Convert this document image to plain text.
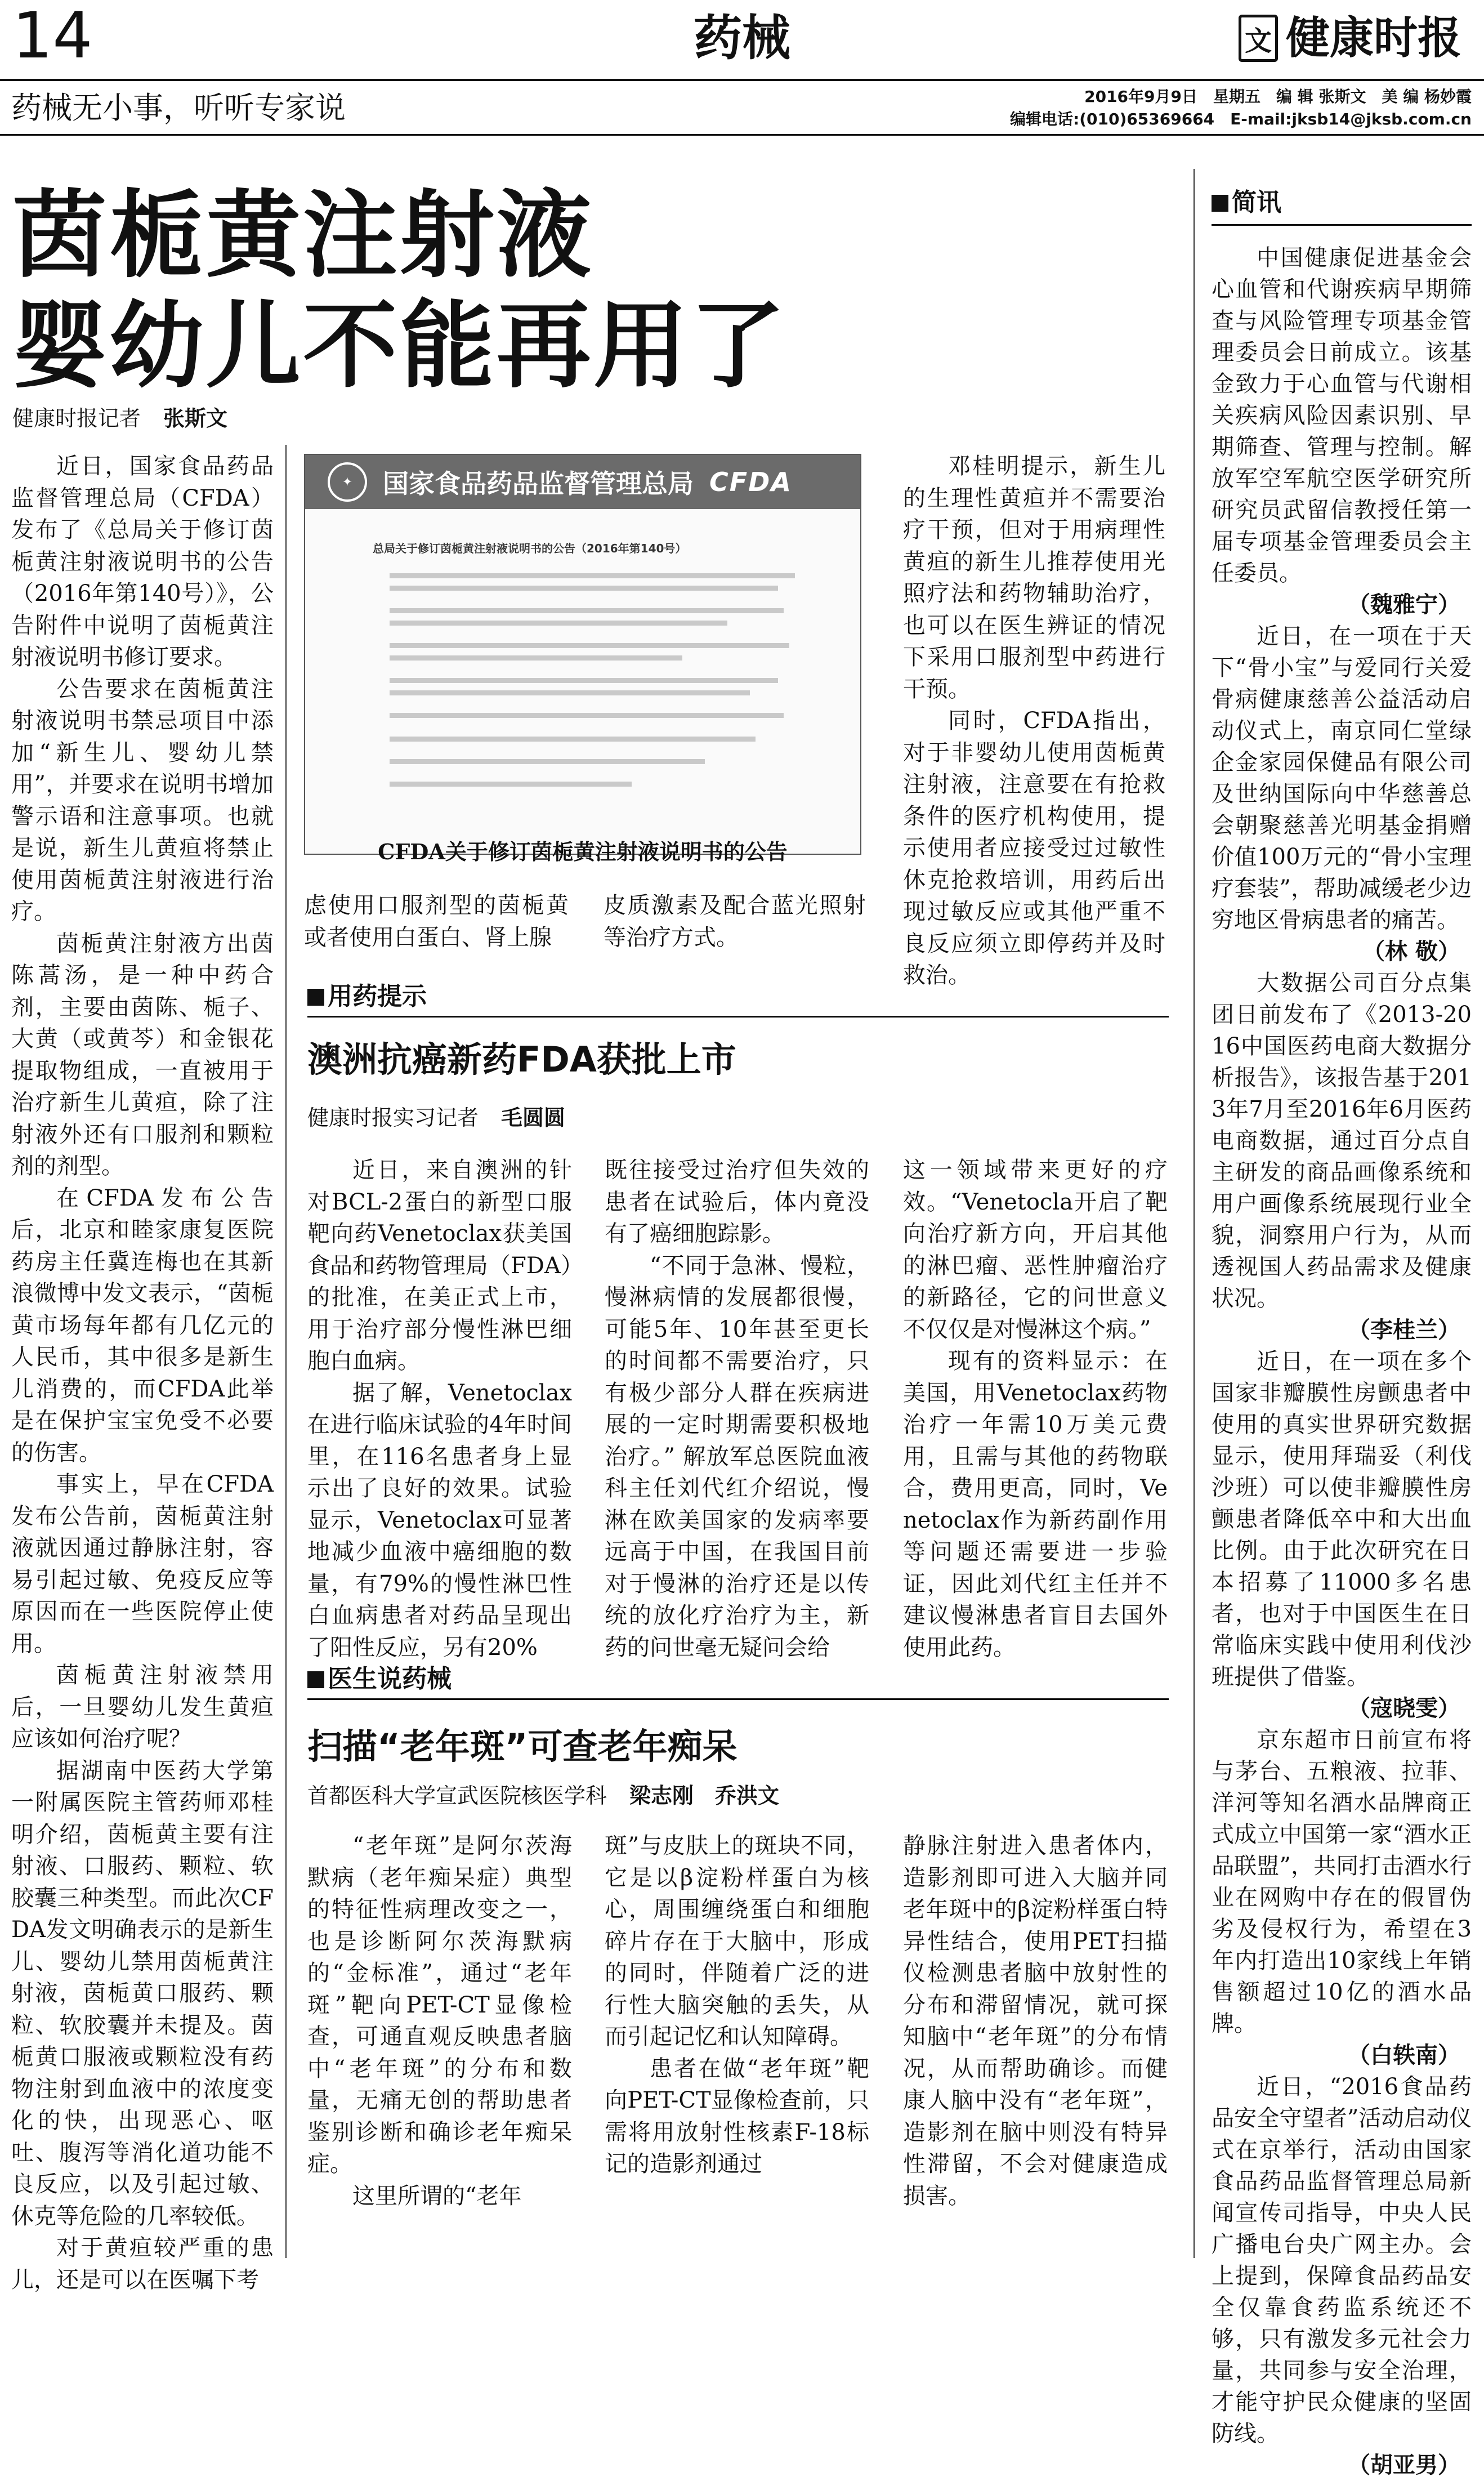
14	药械	文 健康时报
药械无小事，听听专家说	2016年9月9日　星期五　编 辑 张斯文　美 编 杨妙霞
编辑电话:(010)65369664　E-mail:jksb14@jksb.com.cn
茵栀黄注射液
婴幼儿不能再用了
健康时报记者 张斯文

近日，国家食品药品监督管理总局（CFDA）发布了《总局关于修订茵栀黄注射液说明书的公告（2016年第140号）》，公告附件中说明了茵栀黄注射液说明书修订要求。

公告要求在茵栀黄注射液说明书禁忌项目中添加“新生儿、婴幼儿禁用”，并要求在说明书增加警示语和注意事项。也就是说，新生儿黄疸将禁止使用茵栀黄注射液进行治疗。

茵栀黄注射液方出茵陈蒿汤，是一种中药合剂，主要由茵陈、栀子、大黄（或黄芩）和金银花提取物组成，一直被用于治疗新生儿黄疸，除了注射液外还有口服剂和颗粒剂的剂型。

在CFDA发布公告后，北京和睦家康复医院药房主任冀连梅也在其新浪微博中发文表示，“茵栀黄市场每年都有几亿元的人民币，其中很多是新生儿消费的，而CFDA此举是在保护宝宝免受不必要的伤害。

事实上，早在CFDA发布公告前，茵栀黄注射液就因通过静脉注射，容易引起过敏、免疫反应等原因而在一些医院停止使用。

茵栀黄注射液禁用后，一旦婴幼儿发生黄疸应该如何治疗呢？

据湖南中医药大学第一附属医院主管药师邓桂明介绍，茵栀黄主要有注射液、口服药、颗粒、软胶囊三种类型。而此次CFDA发文明确表示的是新生儿、婴幼儿禁用茵栀黄注射液，茵栀黄口服药、颗粒、软胶囊并未提及。茵栀黄口服液或颗粒没有药物注射到血液中的浓度变化的快，出现恶心、呕吐、腹泻等消化道功能不良反应，以及引起过敏、休克等危险的几率较低。

对于黄疸较严重的患儿，还是可以在医嘱下考

✦	国家食品药品监督管理总局 CFDA
总局关于修订茵栀黄注射液说明书的公告（2016年第140号）
CFDA关于修订茵栀黄注射液说明书的公告

虑使用口服剂型的茵栀黄或者使用白蛋白、肾上腺

皮质激素及配合蓝光照射等治疗方式。

邓桂明提示，新生儿的生理性黄疸并不需要治疗干预，但对于用病理性黄疸的新生儿推荐使用光照疗法和药物辅助治疗，也可以在医生辨证的情况下采用口服剂型中药进行干预。

同时，CFDA指出，对于非婴幼儿使用茵栀黄注射液，注意要在有抢救条件的医疗机构使用，提示使用者应接受过过敏性休克抢救培训，用药后出现过敏反应或其他严重不良反应须立即停药并及时救治。

用药提示
澳洲抗癌新药FDA获批上市
健康时报实习记者 毛圆圆

近日，来自澳洲的针对BCL-2蛋白的新型口服靶向药Venetoclax获美国食品和药物管理局（FDA）的批准，在美正式上市，用于治疗部分慢性淋巴细胞白血病。

据了解，Venetoclax在进行临床试验的4年时间里，在116名患者身上显示出了良好的效果。试验显示，Venetoclax可显著地减少血液中癌细胞的数量，有79%的慢性淋巴性白血病患者对药品呈现出了阳性反应，另有20%

既往接受过治疗但失效的患者在试验后，体内竟没有了癌细胞踪影。

“不同于急淋、慢粒，慢淋病情的发展都很慢，可能5年、10年甚至更长的时间都不需要治疗，只有极少部分人群在疾病进展的一定时期需要积极地治疗。” 解放军总医院血液科主任刘代红介绍说，慢淋在欧美国家的发病率要远高于中国，在我国目前对于慢淋的治疗还是以传统的放化疗治疗为主，新药的问世毫无疑问会给

这一领域带来更好的疗效。“Venetocla开启了靶向治疗新方向，开启其他的淋巴瘤、恶性肿瘤治疗的新路径，它的问世意义不仅仅是对慢淋这个病。”

现有的资料显示：在美国，用Venetoclax药物治疗一年需10万美元费用，且需与其他的药物联合，费用更高，同时，Venetoclax作为新药副作用等问题还需要进一步验证，因此刘代红主任并不建议慢淋患者盲目去国外使用此药。

医生说药械
扫描“老年斑”可查老年痴呆
首都医科大学宣武医院核医学科 梁志刚　乔洪文

“老年斑”是阿尔茨海默病（老年痴呆症）典型的特征性病理改变之一，也是诊断阿尔茨海默病的“金标准”，通过“老年斑”靶向PET-CT显像检查，可通直观反映患者脑中“老年斑”的分布和数量，无痛无创的帮助患者鉴别诊断和确诊老年痴呆症。

这里所谓的“老年

斑”与皮肤上的斑块不同，它是以β淀粉样蛋白为核心，周围缠绕蛋白和细胞碎片存在于大脑中，形成的同时，伴随着广泛的进行性大脑突触的丢失，从而引起记忆和认知障碍。

患者在做“老年斑”靶向PET-CT显像检查前，只需将用放射性核素F-18标记的造影剂通过

静脉注射进入患者体内，造影剂即可进入大脑并同老年斑中的β淀粉样蛋白特异性结合，使用PET扫描仪检测患者脑中放射性的分布和滞留情况，就可探知脑中“老年斑”的分布情况，从而帮助确诊。而健康人脑中没有“老年斑”，造影剂在脑中则没有特异性滞留，不会对健康造成损害。

简讯

中国健康促进基金会心血管和代谢疾病早期筛查与风险管理专项基金管理委员会日前成立。该基金致力于心血管与代谢相关疾病风险因素识别、早期筛查、管理与控制。解放军空军航空医学研究所研究员武留信教授任第一届专项基金管理委员会主任委员。

（魏雅宁）

近日，在一项在于天下“骨小宝”与爱同行关爱骨病健康慈善公益活动启动仪式上，南京同仁堂绿企金家园保健品有限公司及世纳国际向中华慈善总会朝聚慈善光明基金捐赠价值100万元的“骨小宝理疗套装”，帮助减缓老少边穷地区骨病患者的痛苦。

（林 敬）

大数据公司百分点集团日前发布了《2013-2016中国医药电商大数据分析报告》，该报告基于2013年7月至2016年6月医药电商数据，通过百分点自主研发的商品画像系统和用户画像系统展现行业全貌，洞察用户行为，从而透视国人药品需求及健康状况。

（李桂兰）

近日，在一项在多个国家非瓣膜性房颤患者中使用的真实世界研究数据显示，使用拜瑞妥（利伐沙班）可以使非瓣膜性房颤患者降低卒中和大出血比例。由于此次研究在日本招募了11000多名患者，也对于中国医生在日常临床实践中使用利伐沙班提供了借鉴。

（寇晓雯）

京东超市日前宣布将与茅台、五粮液、拉菲、洋河等知名酒水品牌商正式成立中国第一家“酒水正品联盟”，共同打击酒水行业在网购中存在的假冒伪劣及侵权行为，希望在3年内打造出10家线上年销售额超过10亿的酒水品牌。

（白轶南）

近日，“2016食品药品安全守望者”活动启动仪式在京举行，活动由国家食品药品监督管理总局新闻宣传司指导，中央人民广播电台央广网主办。会上提到，保障食品药品安全仅靠食药监系统还不够，只有激发多元社会力量，共同参与安全治理，才能守护民众健康的坚固防线。

（胡亚男）
